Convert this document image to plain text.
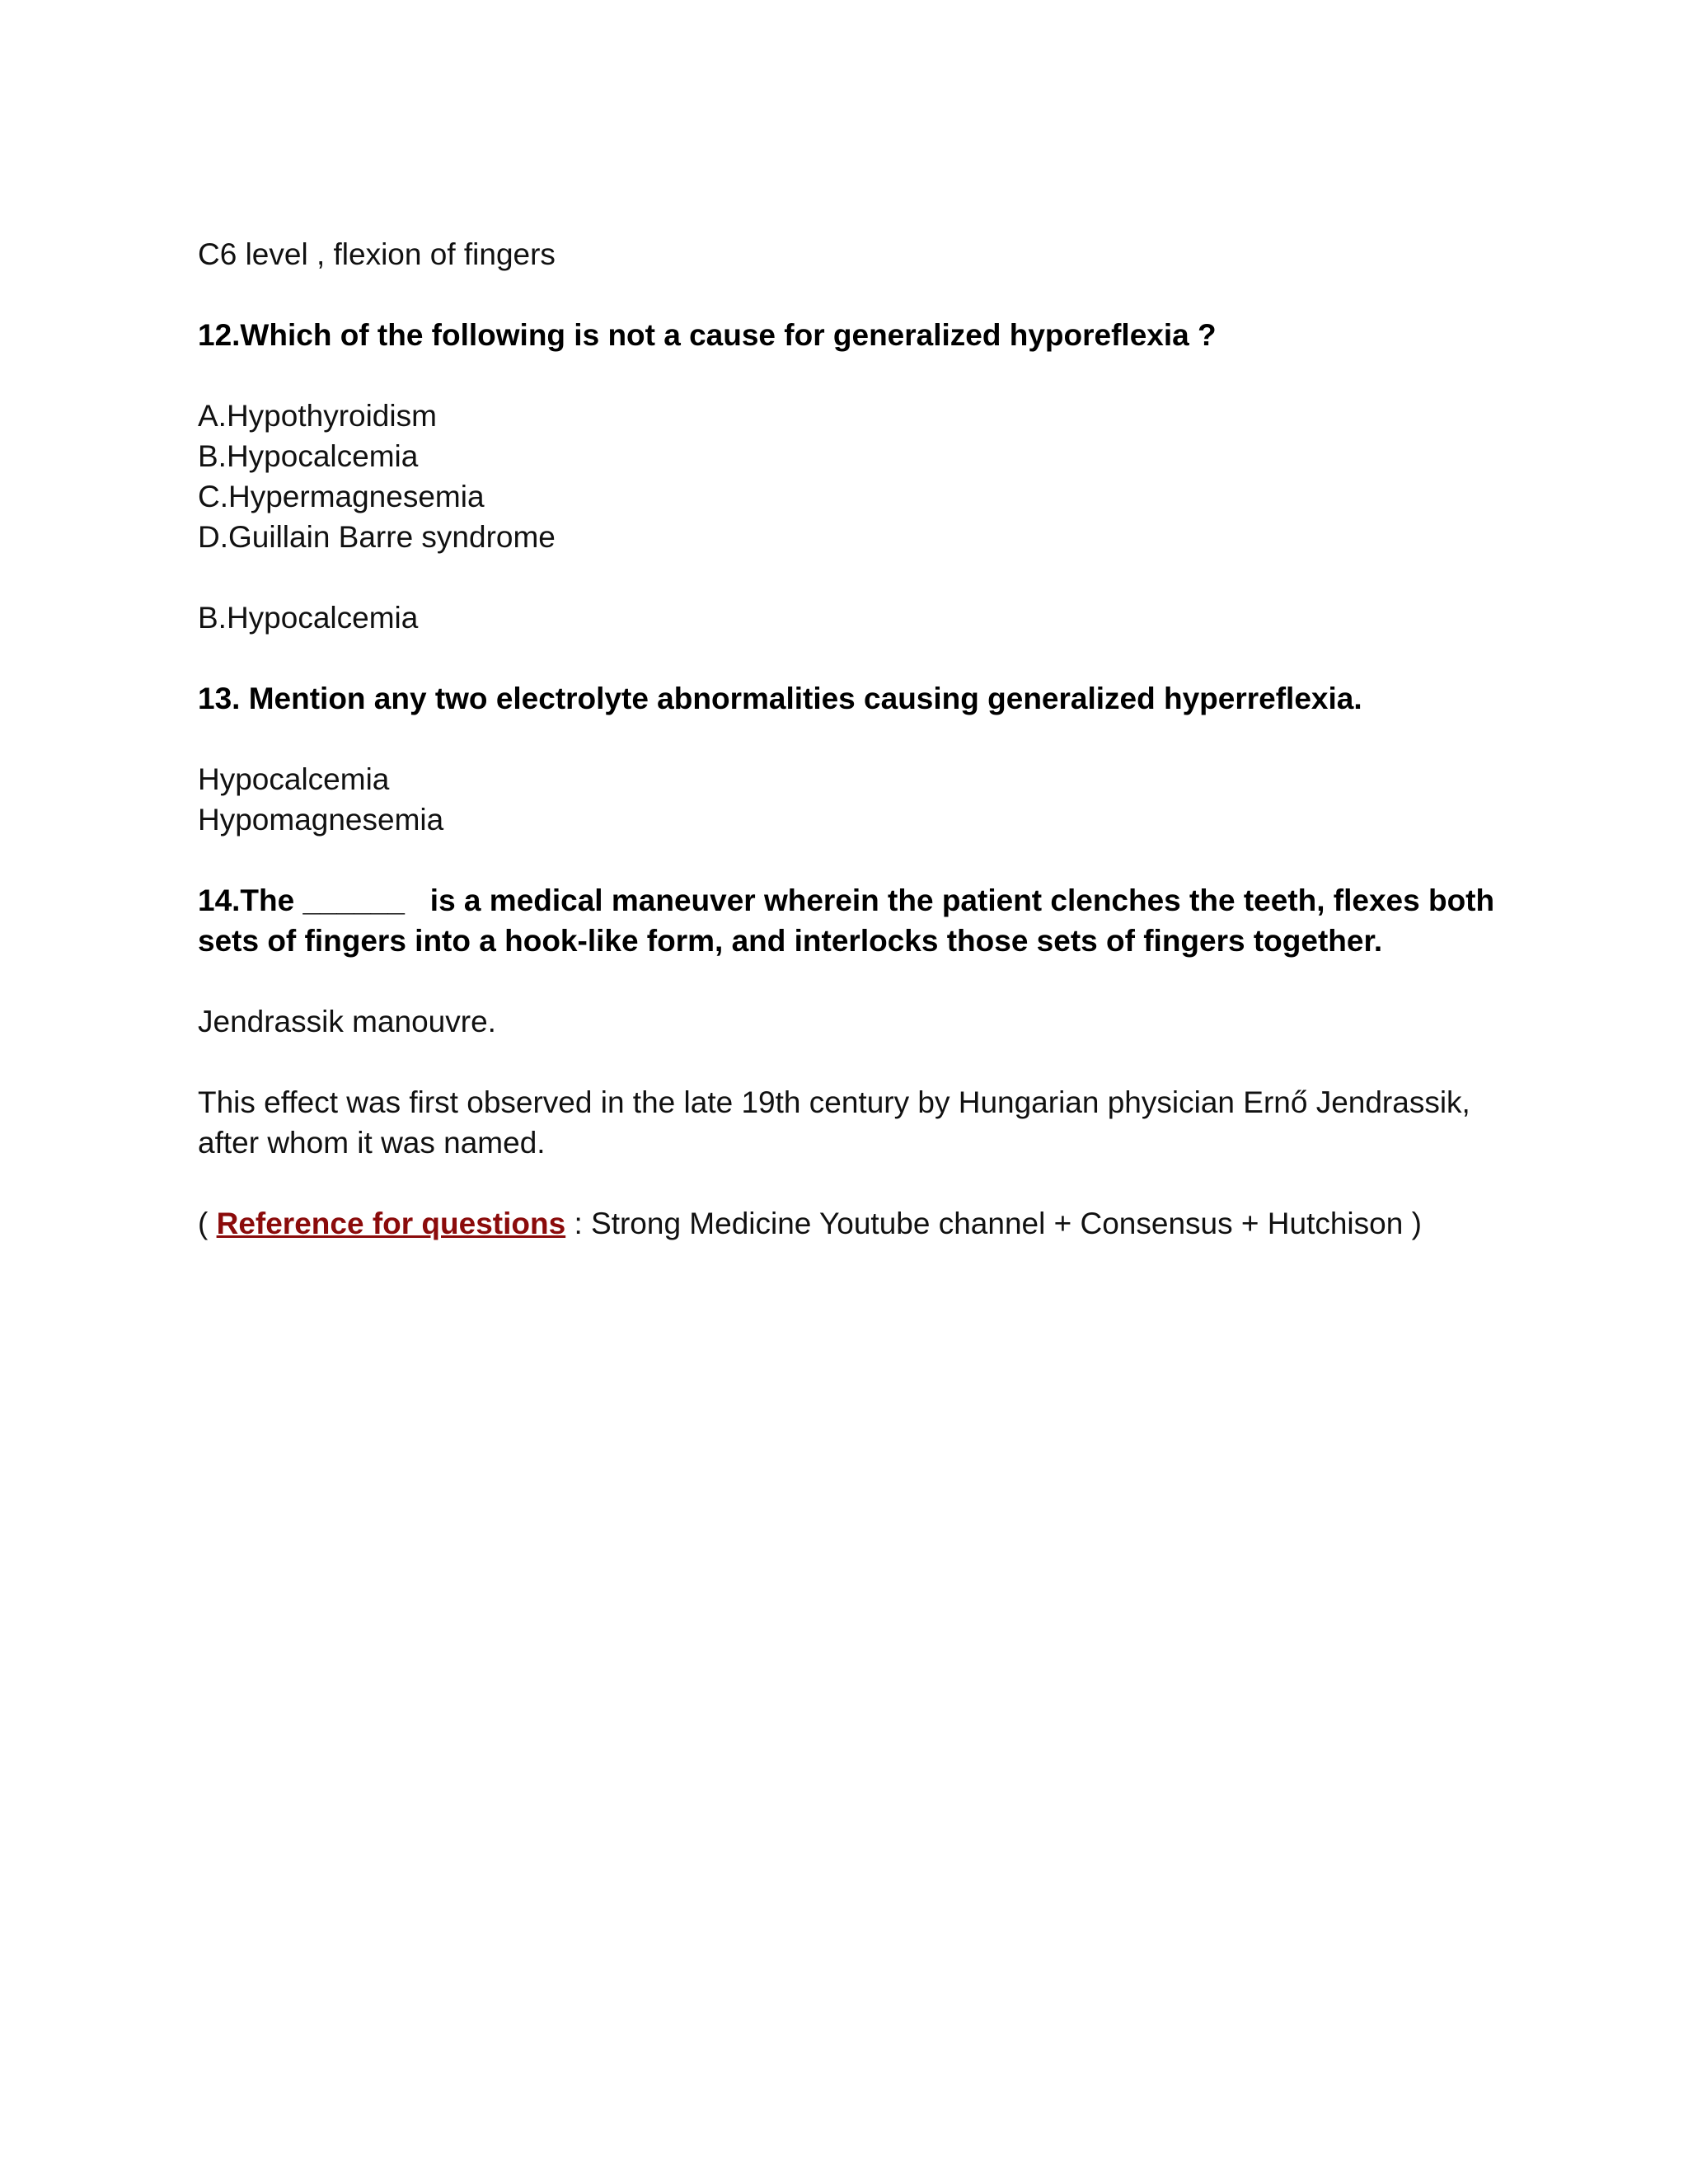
C6 level , flexion of fingers
12.Which of the following is not a cause for generalized hyporeflexia ?
A.Hypothyroidism
B.Hypocalcemia
C.Hypermagnesemia
D.Guillain Barre syndrome
B.Hypocalcemia
13. Mention any two electrolyte abnormalities causing generalized hyperreflexia.
Hypocalcemia
Hypomagnesemia
14.The ______   is a medical maneuver wherein the patient clenches the teeth, flexes both
sets of fingers into a hook-like form, and interlocks those sets of fingers together.
Jendrassik manouvre.
This effect was first observed in the late 19th century by Hungarian physician Ernő Jendrassik,
after whom it was named.
( Reference for questions : Strong Medicine Youtube channel + Consensus + Hutchison )
